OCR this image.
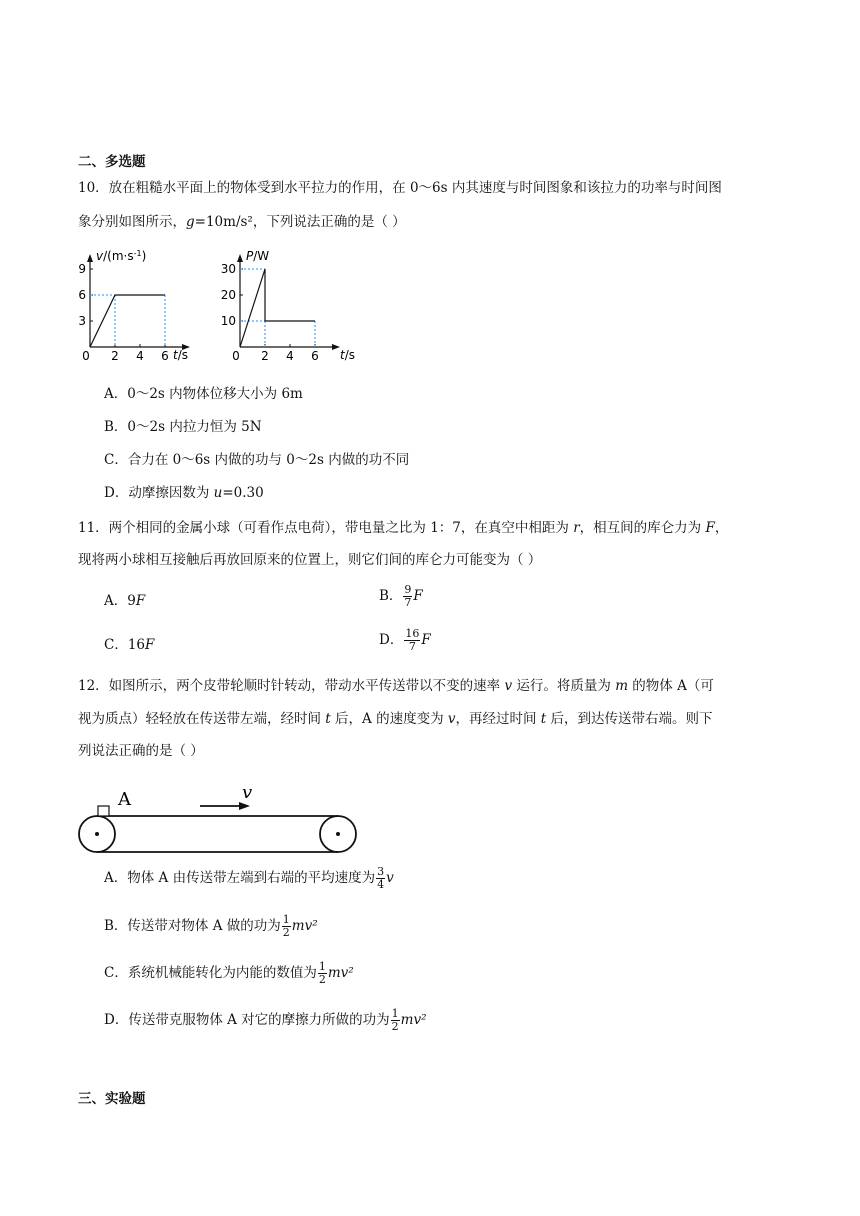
二、多选题
10．放在粗糙水平面上的物体受到水平拉力的作用，在 0～6s 内其速度与时间图象和该拉力的功率与时间图
象分别如图所示，g=10m/s²，下列说法正确的是（ ）
0 2 4 6
3
6
9
$v/(m\cdot s^{-1})$
t/s	0 2 4 6
10
20
30
P/W
t/s
A．0～2s 内物体位移大小为 6m
B．0～2s 内拉力恒为 5N
C．合力在 0～6s 内做的功与 0～2s 内做的功不同
D．动摩擦因数为 u=0.30
11．两个相同的金属小球（可看作点电荷），带电量之比为 1：7，在真空中相距为 r，相互间的库仑力为 F，
现将两小球相互接触后再放回原来的位置上，则它们间的库仑力可能变为（ ）
A．9F	B． $\frac{9}{7}$ F
C．16F	D． $\frac{16}{7}$ F
12．如图所示，两个皮带轮顺时针转动，带动水平传送带以不变的速率 v 运行。将质量为 m 的物体 A（可
视为质点）轻轻放在传送带左端，经时间 t 后，A 的速度变为 v，再经过时间 t 后，到达传送带右端。则下
列说法正确的是（ ）
A	v
A．物体 A 由传送带左端到右端的平均速度为 $\frac{3}{4}$ v
B．传送带对物体 A 做的功为 $\frac{1}{2} mv^2$
C．系统机械能转化为内能的数值为 $\frac{1}{2} mv^2$
D．传送带克服物体 A 对它的摩擦力所做的功为 $\frac{1}{2} mv^2$
三、实验题
